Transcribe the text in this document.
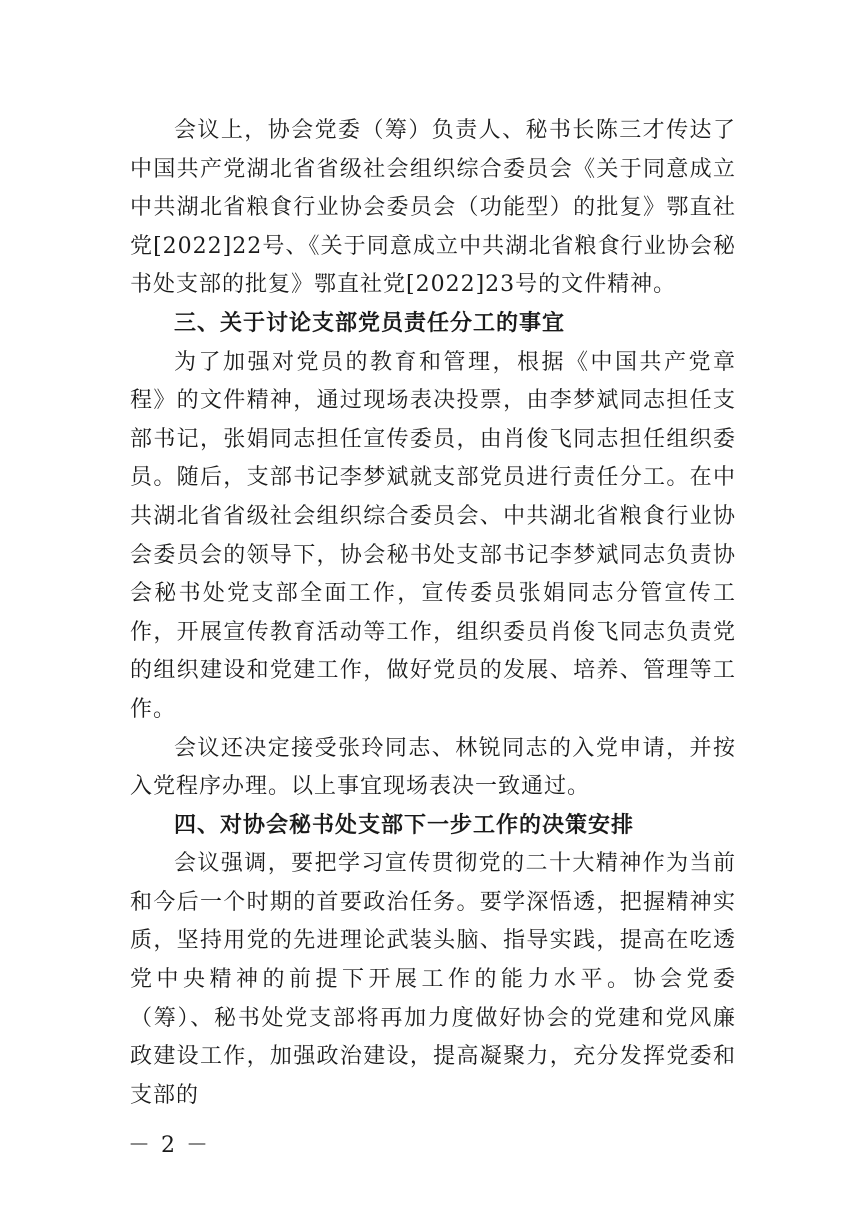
会议上，协会党委（筹）负责人、秘书长陈三才传达了中国共产党湖北省省级社会组织综合委员会《关于同意成立中共湖北省粮食行业协会委员会（功能型）的批复》鄂直社党[2022]22号、《关于同意成立中共湖北省粮食行业协会秘书处支部的批复》鄂直社党[2022]23号的文件精神。

三、关于讨论支部党员责任分工的事宜

为了加强对党员的教育和管理，根据《中国共产党章程》的文件精神，通过现场表决投票，由李梦斌同志担任支部书记，张娟同志担任宣传委员，由肖俊飞同志担任组织委员。随后，支部书记李梦斌就支部党员进行责任分工。在中共湖北省省级社会组织综合委员会、中共湖北省粮食行业协会委员会的领导下，协会秘书处支部书记李梦斌同志负责协会秘书处党支部全面工作，宣传委员张娟同志分管宣传工作，开展宣传教育活动等工作，组织委员肖俊飞同志负责党的组织建设和党建工作，做好党员的发展、培养、管理等工作。

会议还决定接受张玲同志、林锐同志的入党申请，并按入党程序办理。以上事宜现场表决一致通过。

四、对协会秘书处支部下一步工作的决策安排

会议强调，要把学习宣传贯彻党的二十大精神作为当前和今后一个时期的首要政治任务。要学深悟透，把握精神实质，坚持用党的先进理论武装头脑、指导实践，提高在吃透党中央精神的前提下开展工作的能力水平。协会党委（筹）、秘书处党支部将再加力度做好协会的党建和党风廉政建设工作，加强政治建设，提高凝聚力，充分发挥党委和支部的

－ 2 －
